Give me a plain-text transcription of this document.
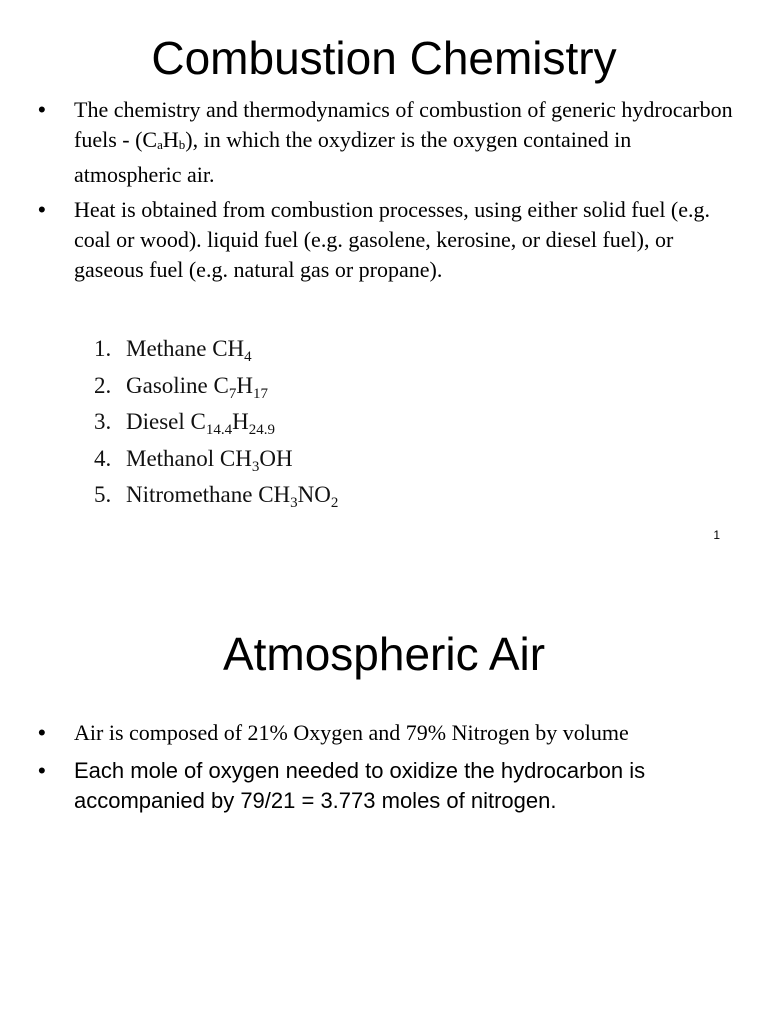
Combustion Chemistry
• The chemistry and thermodynamics of combustion of generic hydrocarbon fuels - $(C_aH_b)$, in which the oxydizer is the oxygen contained in atmospheric air.
• Heat is obtained from combustion processes, using either solid fuel (e.g. coal or wood). liquid fuel (e.g. gasolene, kerosine, or diesel fuel), or gaseous fuel (e.g. natural gas or propane).
1. Methane $CH_4$
2. Gasoline $C_7H_{17}$
3. Diesel $C_{14.4}H_{24.9}$
4. Methanol $CH_3OH$
5. Nitromethane $CH_3NO_2$
1
Atmospheric Air
• Air is composed of 21% Oxygen and 79% Nitrogen by volume
• Each mole of oxygen needed to oxidize the hydrocarbon is accompanied by 79/21 = 3.773 moles of nitrogen.
